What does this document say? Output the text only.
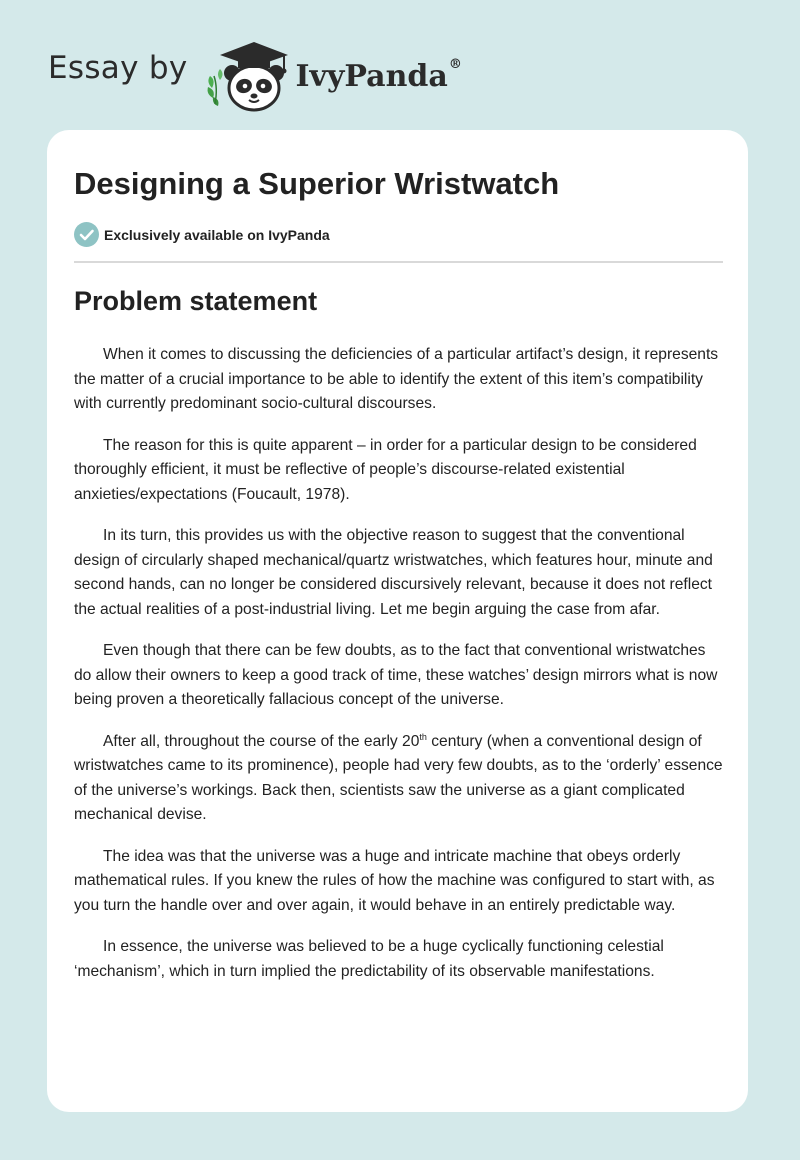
Essay by	IvyPanda®
Designing a Superior Wristwatch
Exclusively available on IvyPanda
Problem statement

When it comes to discussing the deficiencies of a particular artifact’s design, it represents the matter of a crucial importance to be able to identify the extent of this item’s compatibility with currently predominant socio-cultural discourses.

The reason for this is quite apparent – in order for a particular design to be considered thoroughly efficient, it must be reflective of people’s discourse-related existential anxieties/expectations (Foucault, 1978).

In its turn, this provides us with the objective reason to suggest that the conventional design of circularly shaped mechanical/quartz wristwatches, which features hour, minute and second hands, can no longer be considered discursively relevant, because it does not reflect the actual realities of a post-industrial living. Let me begin arguing the case from afar.

Even though that there can be few doubts, as to the fact that conventional wristwatches do allow their owners to keep a good track of time, these watches’ design mirrors what is now being proven a theoretically fallacious concept of the universe.

After all, throughout the course of the early 20th century (when a conventional design of wristwatches came to its prominence), people had very few doubts, as to the ‘orderly’ essence of the universe’s workings. Back then, scientists saw the universe as a giant complicated mechanical devise.

The idea was that the universe was a huge and intricate machine that obeys orderly mathematical rules. If you knew the rules of how the machine was configured to start with, as you turn the handle over and over again, it would behave in an entirely predictable way.

In essence, the universe was believed to be a huge cyclically functioning celestial ‘mechanism’, which in turn implied the predictability of its observable manifestations.
